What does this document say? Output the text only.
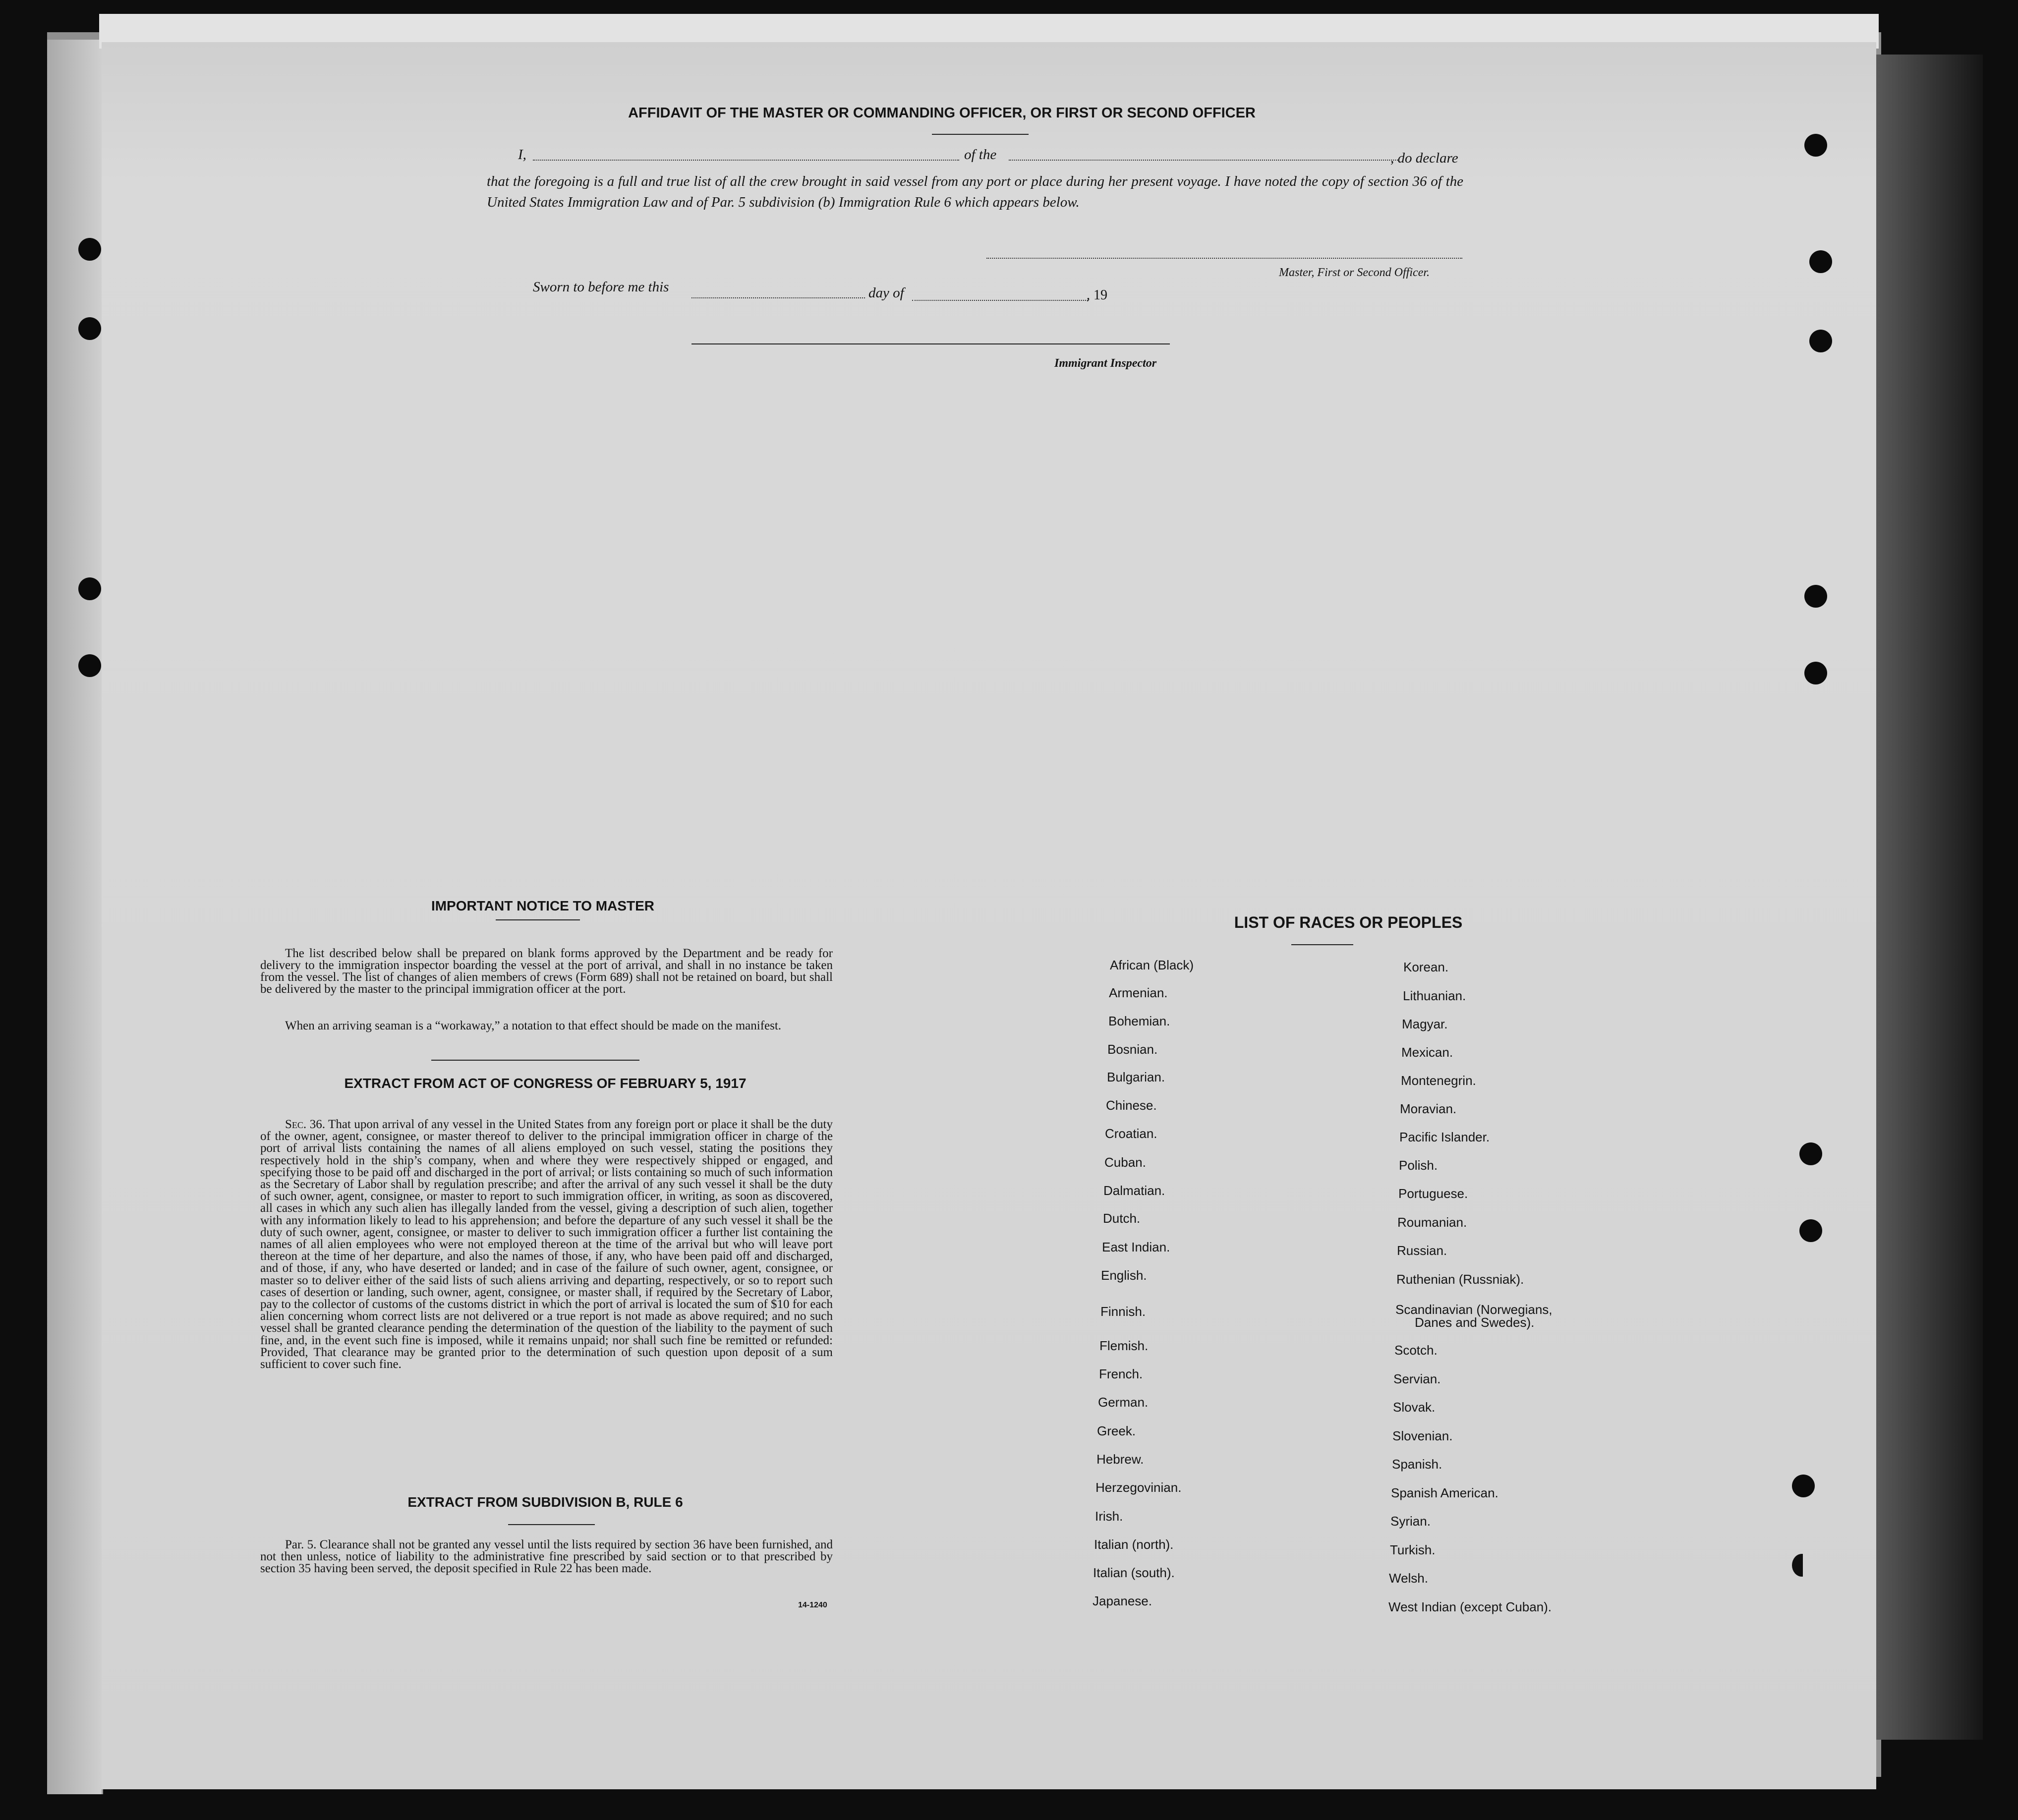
AFFIDAVIT OF THE MASTER OR COMMANDING OFFICER, OR FIRST OR SECOND OFFICER
I,	of the	, do declare
that the foregoing is a full and true list of all the crew brought in said vessel from any port or place during her present voyage. I have noted the copy of section 36 of the United States Immigration Law and of Par. 5 subdivision (b) Immigration Rule 6 which appears below.
Master, First or Second Officer.
Sworn to before me this	day of	, 19
Immigrant Inspector
IMPORTANT NOTICE TO MASTER
The list described below shall be prepared on blank forms approved by the Department and be ready for delivery to the immigration inspector boarding the vessel at the port of arrival, and shall in no instance be taken from the vessel. The list of changes of alien members of crews (Form 689) shall not be retained on board, but shall be delivered by the master to the principal immigration officer at the port.
When an arriving seaman is a “workaway,” a notation to that effect should be made on the manifest.
EXTRACT FROM ACT OF CONGRESS OF FEBRUARY 5, 1917
Sec. 36. That upon arrival of any vessel in the United States from any foreign port or place it shall be the duty of the owner, agent, consignee, or master thereof to deliver to the principal immigration officer in charge of the port of arrival lists containing the names of all aliens employed on such vessel, stating the positions they respectively hold in the ship’s company, when and where they were respectively shipped or engaged, and specifying those to be paid off and discharged in the port of arrival; or lists containing so much of such information as the Secretary of Labor shall by regulation prescribe; and after the arrival of any such vessel it shall be the duty of such owner, agent, consignee, or master to report to such immigration officer, in writing, as soon as discovered, all cases in which any such alien has illegally landed from the vessel, giving a description of such alien, together with any information likely to lead to his apprehension; and before the departure of any such vessel it shall be the duty of such owner, agent, consignee, or master to deliver to such immigration officer a further list containing the names of all alien employees who were not employed thereon at the time of the arrival but who will leave port thereon at the time of her departure, and also the names of those, if any, who have been paid off and discharged, and of those, if any, who have deserted or landed; and in case of the failure of such owner, agent, consignee, or master so to deliver either of the said lists of such aliens arriving and departing, respectively, or so to report such cases of desertion or landing, such owner, agent, consignee, or master shall, if required by the Secretary of Labor, pay to the collector of customs of the customs district in which the port of arrival is located the sum of $10 for each alien concerning whom correct lists are not delivered or a true report is not made as above required; and no such vessel shall be granted clearance pending the determination of the question of the liability to the payment of such fine, and, in the event such fine is imposed, while it remains unpaid; nor shall such fine be remitted or refunded: Provided, That clearance may be granted prior to the determination of such question upon deposit of a sum sufficient to cover such fine.
EXTRACT FROM SUBDIVISION B, RULE 6
Par. 5. Clearance shall not be granted any vessel until the lists required by section 36 have been furnished, and not then unless, notice of liability to the administrative fine prescribed by said section or to that prescribed by section 35 having been served, the deposit specified in Rule 22 has been made.
14-1240
LIST OF RACES OR PEOPLES
African (Black)
Armenian.
Bohemian.
Bosnian.
Bulgarian.
Chinese.
Croatian.
Cuban.
Dalmatian.
Dutch.
East Indian.
English.
Finnish.
Flemish.
French.
German.
Greek.
Hebrew.
Herzegovinian.
Irish.
Italian (north).
Italian (south).
Japanese.
Korean.
Lithuanian.
Magyar.
Mexican.
Montenegrin.
Moravian.
Pacific Islander.
Polish.
Portuguese.
Roumanian.
Russian.
Ruthenian (Russniak).
Scandinavian (Norwegians,
Danes and Swedes).
Scotch.
Servian.
Slovak.
Slovenian.
Spanish.
Spanish American.
Syrian.
Turkish.
Welsh.
West Indian (except Cuban).
